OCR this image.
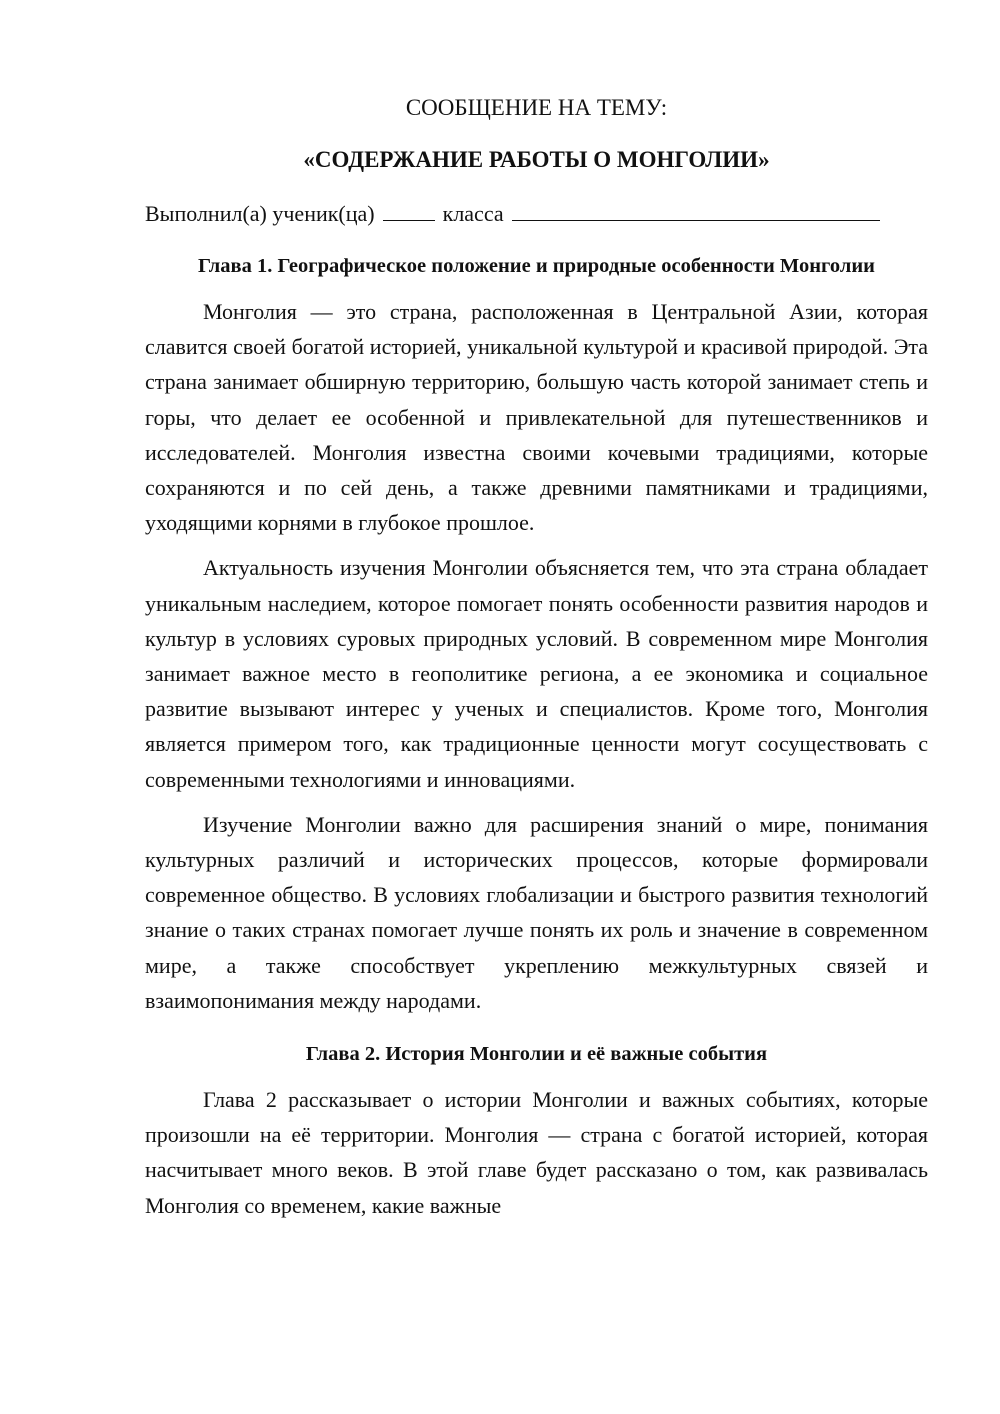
СООБЩЕНИЕ НА ТЕМУ:

«СОДЕРЖАНИЕ РАБОТЫ О МОНГОЛИИ»

Выполнил(а) ученик(ца)	класса
Глава 1. Географическое положение и природные особенности Монголии

Монголия — это страна, расположенная в Центральной Азии, которая славится своей богатой историей, уникальной культурой и красивой природой. Эта страна занимает обширную территорию, большую часть которой занимает степь и горы, что делает ее особенной и привлекательной для путешественников и исследователей. Монголия известна своими кочевыми традициями, которые сохраняются и по сей день, а также древними памятниками и традициями, уходящими корнями в глубокое прошлое.

Актуальность изучения Монголии объясняется тем, что эта страна обладает уникальным наследием, которое помогает понять особенности развития народов и культур в условиях суровых природных условий. В современном мире Монголия занимает важное место в геополитике региона, а ее экономика и социальное развитие вызывают интерес у ученых и специалистов. Кроме того, Монголия является примером того, как традиционные ценности могут сосуществовать с современными технологиями и инновациями.

Изучение Монголии важно для расширения знаний о мире, понимания культурных различий и исторических процессов, которые формировали современное общество. В условиях глобализации и быстрого развития технологий знание о таких странах помогает лучше понять их роль и значение в современном мире, а также способствует укреплению межкультурных связей и взаимопонимания между народами.

Глава 2. История Монголии и её важные события

Глава 2 рассказывает о истории Монголии и важных событиях, которые произошли на её территории. Монголия — страна с богатой историей, которая насчитывает много веков. В этой главе будет рассказано о том, как развивалась Монголия со временем, какие важные
